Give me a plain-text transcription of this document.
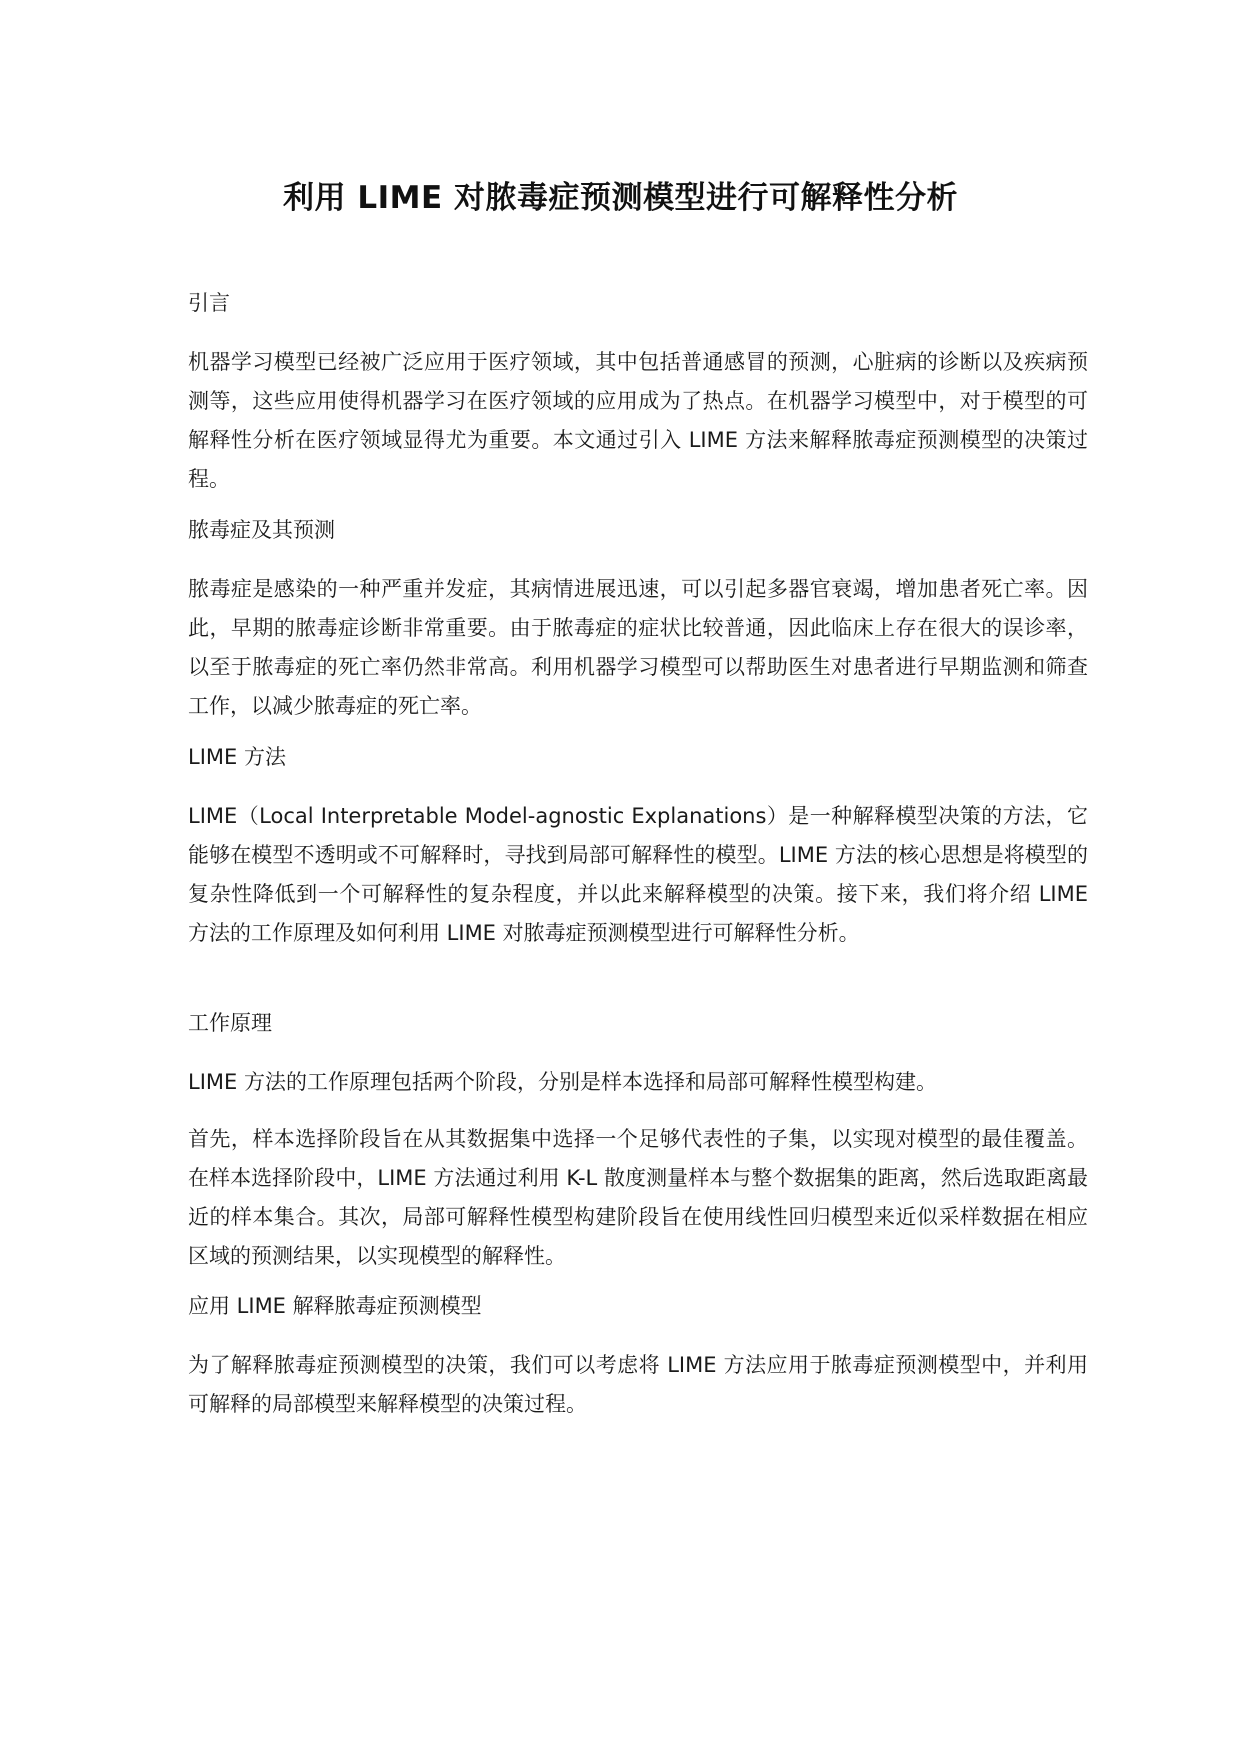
利用 LIME 对脓毒症预测模型进行可解释性分析
引言
机器学习模型已经被广泛应用于医疗领域，其中包括普通感冒的预测，心脏病的诊断以及疾病预测等，这些应用使得机器学习在医疗领域的应用成为了热点。在机器学习模型中，对于模型的可解释性分析在医疗领域显得尤为重要。本文通过引入 LIME 方法来解释脓毒症预测模型的决策过程。
脓毒症及其预测
脓毒症是感染的一种严重并发症，其病情进展迅速，可以引起多器官衰竭，增加患者死亡率。因此，早期的脓毒症诊断非常重要。由于脓毒症的症状比较普通，因此临床上存在很大的误诊率，以至于脓毒症的死亡率仍然非常高。利用机器学习模型可以帮助医生对患者进行早期监测和筛查工作，以减少脓毒症的死亡率。
LIME 方法
LIME（Local Interpretable Model-agnostic Explanations）是一种解释模型决策的方法，它能够在模型不透明或不可解释时，寻找到局部可解释性的模型。LIME 方法的核心思想是将模型的复杂性降低到一个可解释性的复杂程度，并以此来解释模型的决策。接下来，我们将介绍 LIME 方法的工作原理及如何利用 LIME 对脓毒症预测模型进行可解释性分析。
工作原理
LIME 方法的工作原理包括两个阶段，分别是样本选择和局部可解释性模型构建。
首先，样本选择阶段旨在从其数据集中选择一个足够代表性的子集，以实现对模型的最佳覆盖。在样本选择阶段中，LIME 方法通过利用 K-L 散度测量样本与整个数据集的距离，然后选取距离最近的样本集合。其次，局部可解释性模型构建阶段旨在使用线性回归模型来近似采样数据在相应区域的预测结果，以实现模型的解释性。
应用 LIME 解释脓毒症预测模型
为了解释脓毒症预测模型的决策，我们可以考虑将 LIME 方法应用于脓毒症预测模型中，并利用可解释的局部模型来解释模型的决策过程。
